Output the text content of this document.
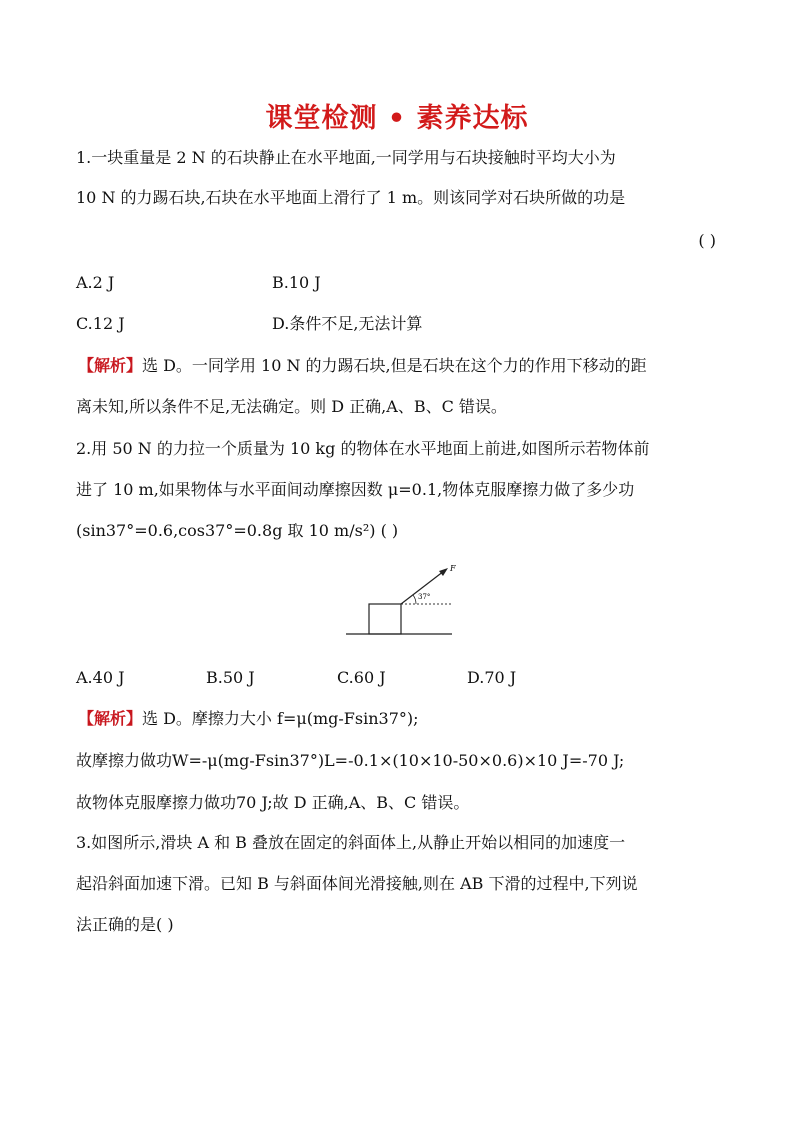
课堂检测 • 素养达标
1.一块重量是 2 N 的石块静止在水平地面,一同学用与石块接触时平均大小为
10 N 的力踢石块,石块在水平地面上滑行了 1 m。则该同学对石块所做的功是
( )
A.2 J	B.10 J
C.12 J	D.条件不足,无法计算
【解析】选 D。一同学用 10 N 的力踢石块,但是石块在这个力的作用下移动的距
离未知,所以条件不足,无法确定。则 D 正确,A、B、C 错误。
2.用 50 N 的力拉一个质量为 10 kg 的物体在水平地面上前进,如图所示若物体前
进了 10 m,如果物体与水平面间动摩擦因数 μ=0.1,物体克服摩擦力做了多少功
(sin37°=0.6,cos37°=0.8g 取 10 m/s²) ( )
F
37°
A.40 J	B.50 J	C.60 J	D.70 J
【解析】选 D。摩擦力大小 f=μ(mg-Fsin37°);
故摩擦力做功W=-μ(mg-Fsin37°)L=-0.1×(10×10-50×0.6)×10 J=-70 J;
故物体克服摩擦力做功70 J;故 D 正确,A、B、C 错误。
3.如图所示,滑块 A 和 B 叠放在固定的斜面体上,从静止开始以相同的加速度一
起沿斜面加速下滑。已知 B 与斜面体间光滑接触,则在 AB 下滑的过程中,下列说
法正确的是( )
